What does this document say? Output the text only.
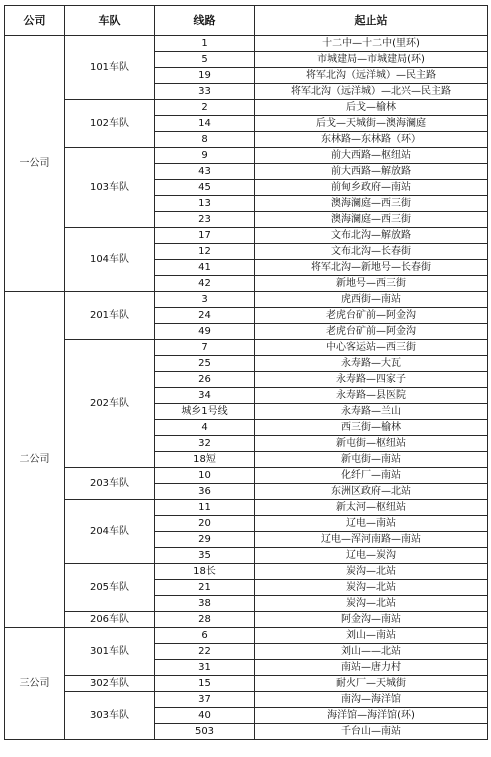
公司	车队	线路	起止站
一公司	101车队	1	十二中—十二中(里环)
		5	市城建局—市城建局(环)
		19	将军北沟（远洋城）—民主路
		33	将军北沟（远洋城）—北兴—民主路
	102车队	2	后戈—榆林
		14	后戈—天城街—澳海澜庭
		8	东林路—东林路（环）
	103车队	9	前大西路—枢纽站
		43	前大西路—解放路
		45	前甸乡政府—南站
		13	澳海澜庭—西三街
		23	澳海澜庭—西三街
	104车队	17	文布北沟—解放路
		12	文布北沟—长春街
		41	将军北沟—新地号—长春街
		42	新地号—西三街
二公司	201车队	3	虎西街—南站
		24	老虎台矿前—阿金沟
		49	老虎台矿前—阿金沟
	202车队	7	中心客运站—西三街
		25	永寿路—大瓦
		26	永寿路—四家子
		34	永寿路—县医院
		城乡1号线	永寿路—兰山
		4	西三街—榆林
		32	新屯街—枢纽站
		18短	新屯街—南站
	203车队	10	化纤厂—南站
		36	东洲区政府—北站
	204车队	11	新太河—枢纽站
		20	辽电—南站
		29	辽电—浑河南路—南站
		35	辽电—炭沟
	205车队	18长	炭沟—北站
		21	炭沟—北站
		38	炭沟—北站
	206车队	28	阿金沟—南站
三公司	301车队	6	刘山—南站
		22	刘山——北站
		31	南站—唐力村
	302车队	15	耐火厂—天城街
	303车队	37	南沟—海洋馆
		40	海洋馆—海洋馆(环)
		503	千台山—南站
